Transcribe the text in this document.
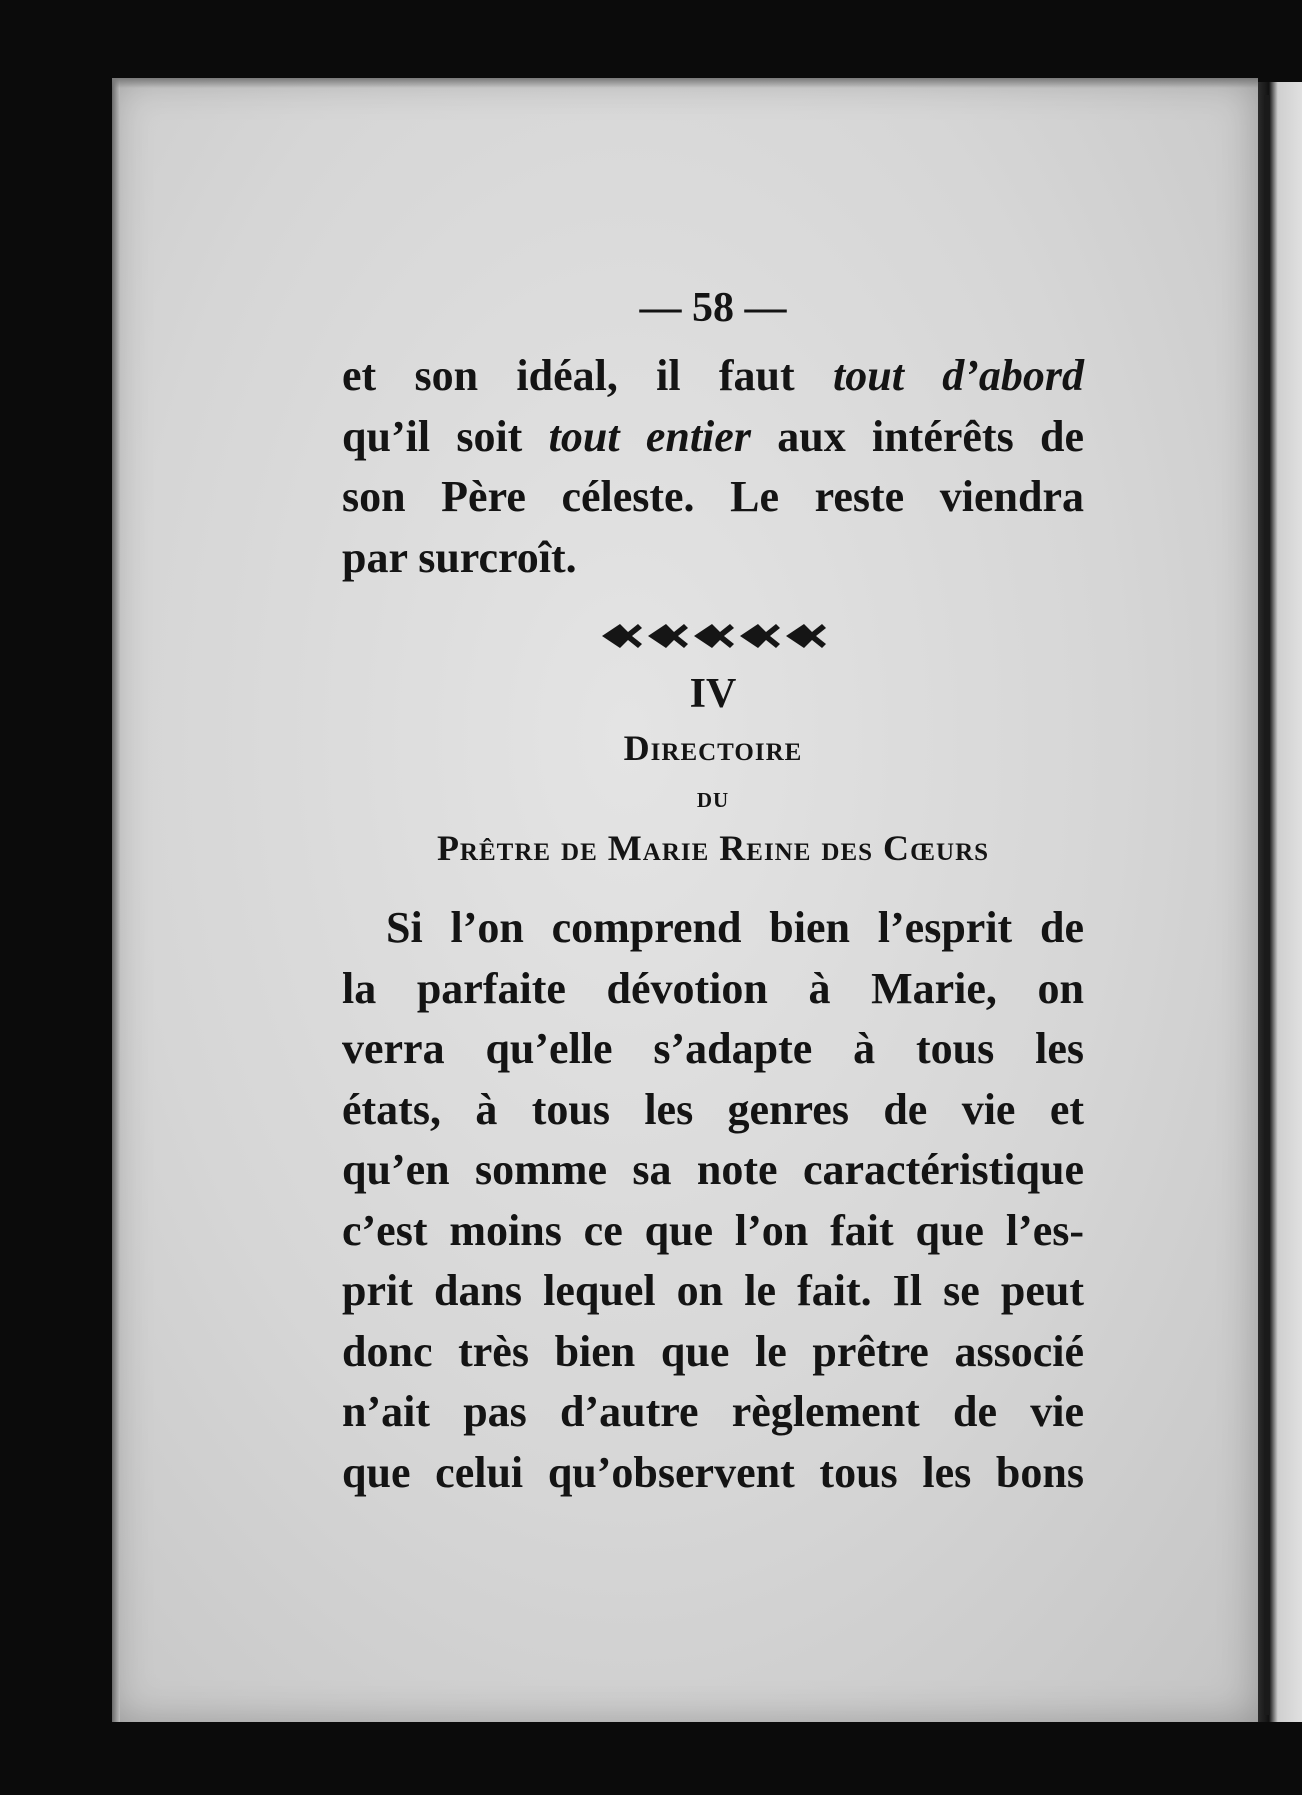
— 58 —

et son idéal, il faut tout d’abord
qu’il soit tout entier aux intérêts de
son Père céleste. Le reste viendra
par surcroît.

IV
Directoire
du
Prêtre de Marie Reine des Cœurs

Si l’on comprend bien l’esprit de
la parfaite dévotion à Marie, on
verra qu’elle s’adapte à tous les
états, à tous les genres de vie et
qu’en somme sa note caractéristique
c’est moins ce que l’on fait que l’es-
prit dans lequel on le fait. Il se peut
donc très bien que le prêtre associé
n’ait pas d’autre règlement de vie
que celui qu’observent tous les bons
